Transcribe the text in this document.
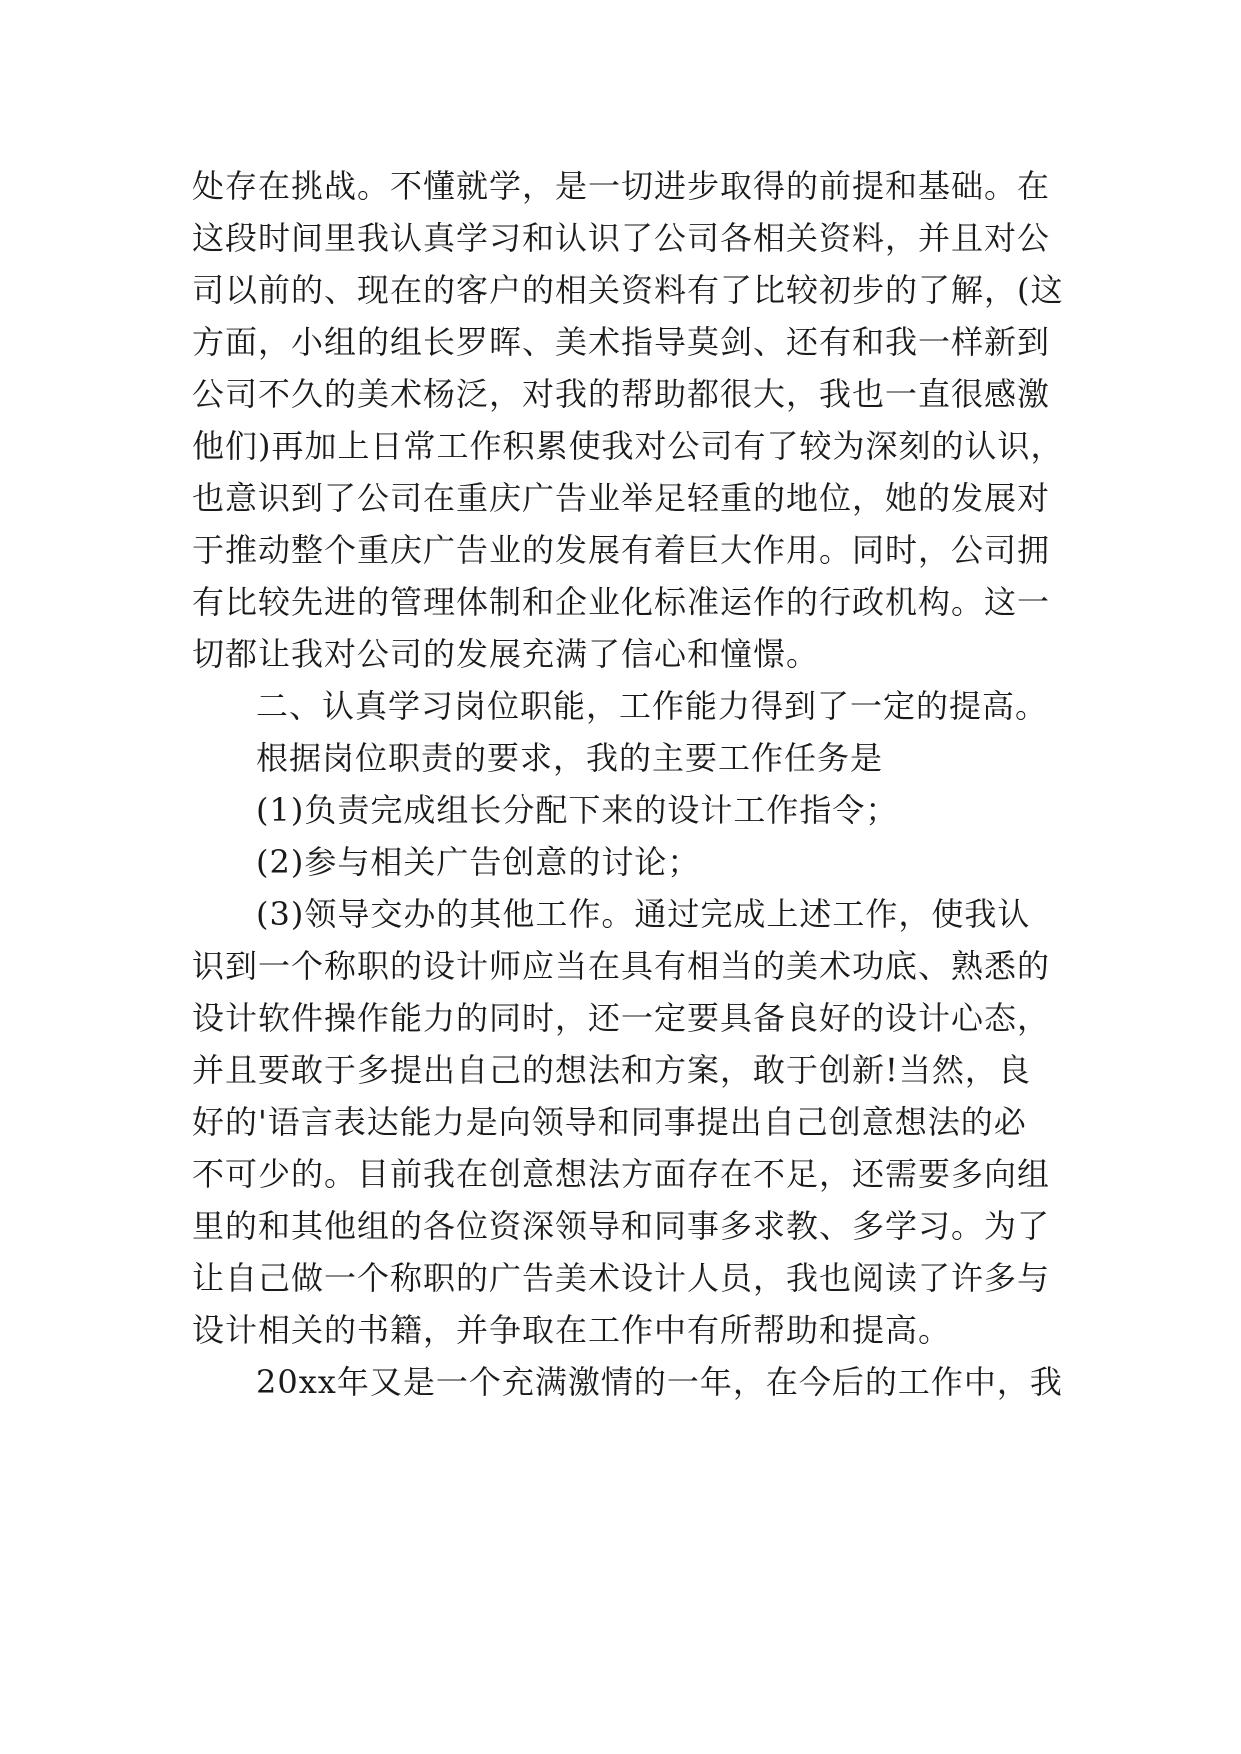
处存在挑战。不懂就学，是一切进步取得的前提和基础。在
这段时间里我认真学习和认识了公司各相关资料，并且对公
司以前的、现在的客户的相关资料有了比较初步的了解，(这
方面，小组的组长罗晖、美术指导莫剑、还有和我一样新到
公司不久的美术杨泛，对我的帮助都很大，我也一直很感激
他们)再加上日常工作积累使我对公司有了较为深刻的认识，
也意识到了公司在重庆广告业举足轻重的地位，她的发展对
于推动整个重庆广告业的发展有着巨大作用。同时，公司拥
有比较先进的管理体制和企业化标准运作的行政机构。这一
切都让我对公司的发展充满了信心和憧憬。
二、认真学习岗位职能，工作能力得到了一定的提高。
根据岗位职责的要求，我的主要工作任务是
(1)负责完成组长分配下来的设计工作指令；
(2)参与相关广告创意的讨论；
(3)领导交办的其他工作。通过完成上述工作，使我认
识到一个称职的设计师应当在具有相当的美术功底、熟悉的
设计软件操作能力的同时，还一定要具备良好的设计心态，
并且要敢于多提出自己的想法和方案，敢于创新!当然，良
好的'语言表达能力是向领导和同事提出自己创意想法的必
不可少的。目前我在创意想法方面存在不足，还需要多向组
里的和其他组的各位资深领导和同事多求教、多学习。为了
让自己做一个称职的广告美术设计人员，我也阅读了许多与
设计相关的书籍，并争取在工作中有所帮助和提高。
20xx年又是一个充满激情的一年，在今后的工作中，我
